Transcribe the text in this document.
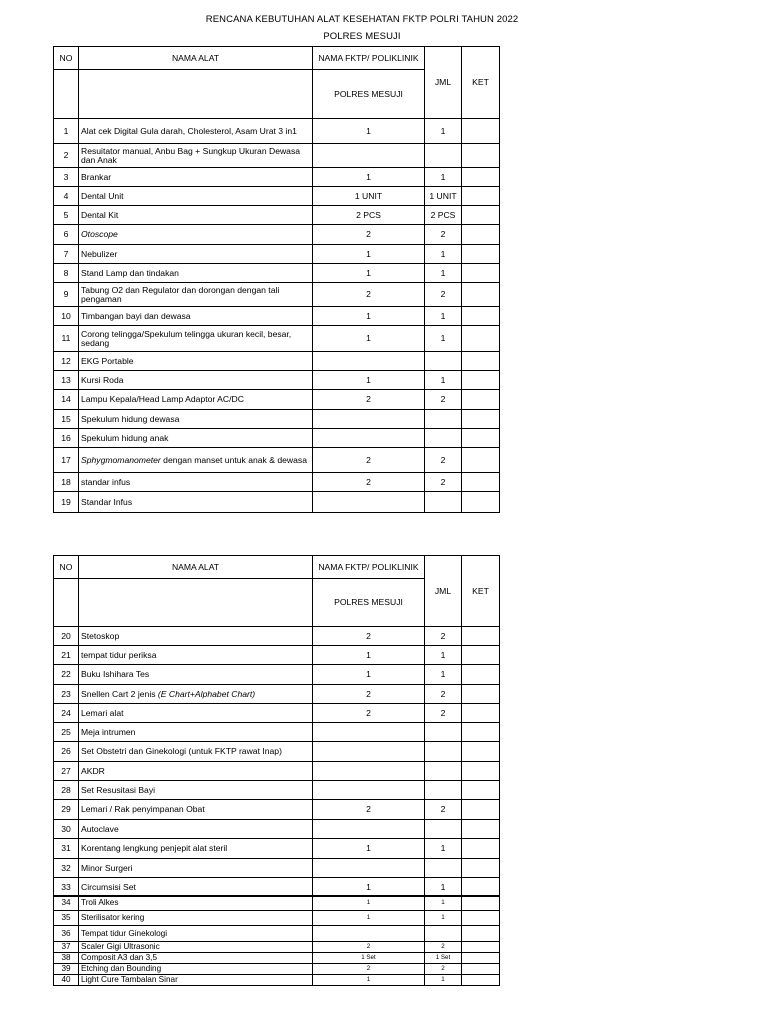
RENCANA KEBUTUHAN ALAT KESEHATAN FKTP POLRI TAHUN 2022
POLRES MESUJI
NO	NAMA ALAT	NAMA FKTP/ POLIKLINIK	JML	KET
		POLRES MESUJI		
1	Alat cek Digital Gula darah, Cholesterol, Asam Urat 3 in1	1	1	
2	Resuitator manual, Anbu Bag + Sungkup Ukuran Dewasa dan Anak			
3	Brankar	1	1	
4	Dental Unit	1 UNIT	1 UNIT	
5	Dental Kit	2 PCS	2 PCS	
6	Otoscope	2	2	
7	Nebulizer	1	1	
8	Stand Lamp dan tindakan	1	1	
9	Tabung O2 dan Regulator dan dorongan dengan tali pengaman	2	2	
10	Timbangan bayi dan dewasa	1	1	
11	Corong telingga/Spekulum telingga ukuran kecil, besar, sedang	1	1	
12	EKG Portable			
13	Kursi Roda	1	1	
14	Lampu Kepala/Head Lamp Adaptor AC/DC	2	2	
15	Spekulum hidung dewasa			
16	Spekulum hidung anak			
17	Sphygmomanometer dengan manset untuk anak & dewasa	2	2	
18	standar infus	2	2	
19	Standar Infus			
NO	NAMA ALAT	NAMA FKTP/ POLIKLINIK	JML	KET
		POLRES MESUJI		
20	Stetoskop	2	2	
21	tempat tidur periksa	1	1	
22	Buku Ishihara Tes	1	1	
23	Snellen Cart 2 jenis (E Chart+Alphabet Chart)	2	2	
24	Lemari alat	2	2	
25	Meja intrumen			
26	Set Obstetri dan Ginekologi (untuk FKTP rawat Inap)			
27	AKDR			
28	Set Resusitasi Bayi			
29	Lemari / Rak penyimpanan Obat	2	2	
30	Autoclave			
31	Korentang lengkung penjepit alat steril	1	1	
32	Minor Surgeri			
33	Circumsisi Set	1	1	
34	Troli Alkes	1	1	
35	Sterilisator kering	1	1	
36	Tempat tidur Ginekologi			
37	Scaler Gigi Ultrasonic	2	2	
38	Composit A3 dan 3,5	1 Set	1 Set	
39	Etching dan Bounding	2	2	
40	Light Cure Tambalan Sinar	1	1	
